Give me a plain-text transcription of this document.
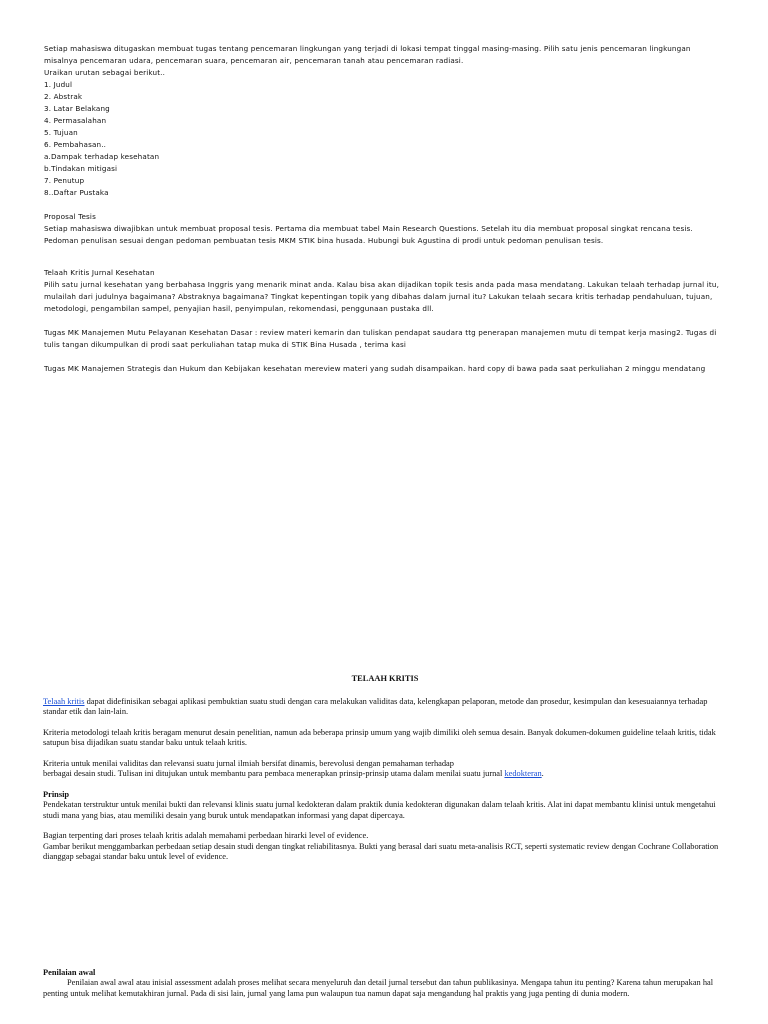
Setiap mahasiswa ditugaskan membuat tugas tentang pencemaran lingkungan yang terjadi di lokasi tempat tinggal masing-masing. Pilih satu jenis pencemaran lingkungan misalnya pencemaran udara, pencemaran suara, pencemaran air, pencemaran tanah atau pencemaran radiasi.

Uraikan urutan sebagai berikut..

1. Judul

2. Abstrak

3. Latar Belakang

4. Permasalahan

5. Tujuan

6. Pembahasan..

a.Dampak terhadap kesehatan

b.Tindakan mitigasi

7. Penutup

8..Daftar Pustaka

Proposal Tesis

Setiap mahasiswa diwajibkan untuk membuat proposal tesis. Pertama dia membuat tabel Main Research Questions. Setelah itu dia membuat proposal singkat rencana tesis. Pedoman penulisan sesuai dengan pedoman pembuatan tesis MKM STIK bina husada. Hubungi buk Agustina di prodi untuk pedoman penulisan tesis.

Telaah Kritis Jurnal Kesehatan

Pilih satu jurnal kesehatan yang berbahasa Inggris yang menarik minat anda. Kalau bisa akan dijadikan topik tesis anda pada masa mendatang. Lakukan telaah terhadap jurnal itu, mulailah dari judulnya bagaimana? Abstraknya bagaimana? Tingkat kepentingan topik yang dibahas dalam jurnal itu? Lakukan telaah secara kritis terhadap pendahuluan, tujuan, metodologi, pengambilan sampel, penyajian hasil, penyimpulan, rekomendasi, penggunaan pustaka dll.

Tugas MK Manajemen Mutu Pelayanan Kesehatan Dasar : review materi kemarin dan tuliskan pendapat saudara ttg penerapan manajemen mutu di tempat kerja masing2. Tugas di tulis tangan dikumpulkan di prodi saat perkuliahan tatap muka di STIK Bina Husada , terima kasi

Tugas MK Manajemen Strategis dan Hukum dan Kebijakan kesehatan mereview materi yang sudah disampaikan. hard copy di bawa pada saat perkuliahan 2 minggu mendatang

TELAAH KRITIS

Telaah kritis dapat didefinisikan sebagai aplikasi pembuktian suatu studi dengan cara melakukan validitas data, kelengkapan pelaporan, metode dan prosedur, kesimpulan dan kesesuaiannya terhadap standar etik dan lain-lain.

Kriteria metodologi telaah kritis beragam menurut desain penelitian, namun ada beberapa prinsip umum yang wajib dimiliki oleh semua desain. Banyak dokumen-dokumen guideline telaah kritis, tidak satupun bisa dijadikan suatu standar baku untuk telaah kritis.

Kriteria untuk menilai validitas dan relevansi suatu jurnal ilmiah bersifat dinamis, berevolusi dengan pemahaman terhadap
berbagai desain studi. Tulisan ini ditujukan untuk membantu para pembaca menerapkan prinsip-prinsip utama dalam menilai suatu jurnal kedokteran.

Prinsip

Pendekatan terstruktur untuk menilai bukti dan relevansi klinis suatu jurnal kedokteran dalam praktik dunia kedokteran digunakan dalam telaah kritis. Alat ini dapat membantu klinisi untuk mengetahui studi mana yang bias, atau memiliki desain yang buruk untuk mendapatkan informasi yang dapat dipercaya.

Bagian terpenting dari proses telaah kritis adalah memahami perbedaan hirarki level of evidence.

Gambar berikut menggambarkan perbedaan setiap desain studi dengan tingkat reliabilitasnya. Bukti yang berasal dari suatu meta-analisis RCT, seperti systematic review dengan Cochrane Collaboration dianggap sebagai standar baku untuk level of evidence.

Penilaian awal

Penilaian awal awal atau inisial assessment adalah proses melihat secara menyeluruh dan detail jurnal tersebut dan tahun publikasinya. Mengapa tahun itu penting? Karena tahun merupakan hal penting untuk melihat kemutakhiran jurnal. Pada di sisi lain, jurnal yang lama pun walaupun tua namun dapat saja mengandung hal praktis yang juga penting di dunia modern.
